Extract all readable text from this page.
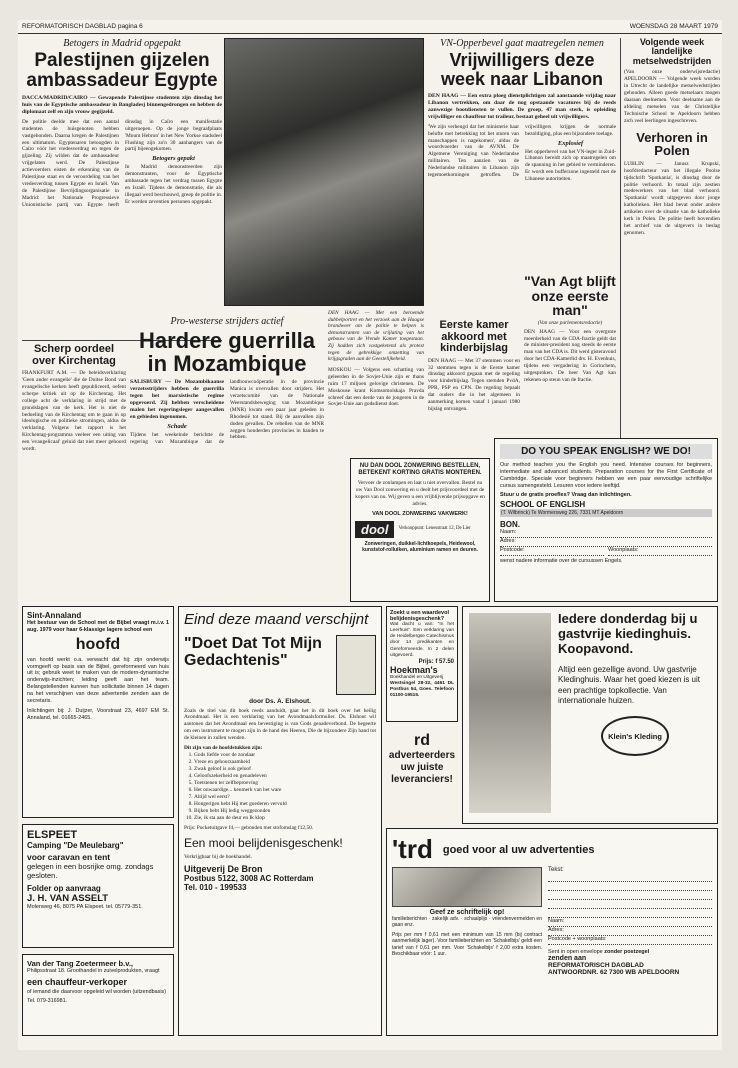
REFORMATORISCH DAGBLAD pagina 6	WOENSDAG 28 MAART 1979
Betogers in Madrid opgepakt
Palestijnen gijzelen ambassadeur Egypte
DACCA/MADRID/CAIRO — Gewapende Palestijnse studenten zijn dinsdag het huis van de Egyptische ambassadeur in Bangladesj binnengedrongen en hebben de diplomaat zelf en zijn vrouw gegijzeld.
De politie deelde mee dat een aantal studenten de huisgenoten hebben vastgebonden. Daarna kregen de Palestijnen een ultimatum. Egyptenaren betoogden in Caïro vóór het vredesverdrag en tegen de gijzeling. Zij wilden dat de ambassadeur vrijgelaten werd. De Palestijnse actievoerders eisten de erkenning van de Palestijnse staat en de veroordeling van het vredesverdrag tussen Egypte en Israël. Van de Palestijnse Bevrijdingsorganisatie in Madrid: het Nationale Progressieve Unionistische partij van Egypte heeft dinsdag in Caïro een manifestatie uitgeroepen. Op de jonge begraafplaats 'Mount Hebron' in het New Yorkse stadsdeel Flushing zijn zo'n 30 aanhangers van de partij bijeengekomen.
Betogers gepakt
In Madrid demonstreerden zijn demonstranten, voor de Egyptische ambassade tegen het verdrag tussen Egypte en Israël. Tijdens de demonstratie, die als illegaal werd beschouwd, greep de politie in. Er werden zeventien personen opgepakt.
Scherp oordeel over Kirchentag
FRANKFURT A.M. — De beleidsverklaring 'Geen ander evangelie' die de Duitse Bond van evangelische kerken heeft gepubliceerd, oefent scherpe kritiek uit op de Kirchentag. Het college acht de verklaring in strijd met de grondslagen van de kerk. Het is niet de bedoeling van de Kirchentag om te gaan in op ideologische en politieke stromingen, aldus de verklaring. Volgens het rapport is het Kirchentag-programma veeleer een uiting van een 'evangelicaal' geluid dat niet meer gehoord wordt.
DEN HAAG — Met een beroemde dubbelportret en het verzoek aan de Haagse brandweer om de politie te helpen is demonstranten van de vrijlating van het gebouw van de Vrende Kamer toegestaan. Zij hadden zich vastgeketend als protest tegen de gebrekkige omzetting van krijgsgraden aan de Geestelijkeheid.
MOSKOU — Volgens een schatting van geleerden in de Sovjet-Unie zijn er thans ruim 17 miljoen gelovige christenen. De Moskouse krant Komsomolskaja Pravda schreef dat een derde van de jongeren in de Sovjet-Unie aan godsdienst doet.
Pro-westerse strijders actief
Hardere guerrilla in Mozambique
SALISBURY — De Mozambikaanse verzetsstrijders hebben de guerrilla tegen het marxistische regime opgevoerd. Zij hebben verscheidene malen het regeringsleger aangevallen en gebieden ingenomen.
Schade
Tijdens het weekeinde berichtte de regering van Mozambique dat de landbouwcoöperatie in de provincie Manica is overvallen door strijders. Het verzetscomité van de Nationale Weerstandsbeweging van Mozambique (MNR) kwam een paar jaar geleden in Rhodesië tot stand. Bij de aanvallen zijn doden gevallen. De rebellen van de MNR zeggen honderden provincies in handen te hebben.
VN-Opperbevel gaat maatregelen nemen
Vrijwilligers deze week naar Libanon
DEN HAAG — Een extra ploeg dienstplichtigen zal aanstaande vrijdag naar Libanon vertrekken, om daar de nog opstaande vacatures bij de reeds aanwezige bootdiensten te vullen. De groep, 47 man sterk, is opleiding vrijwilliger en chauffeur tot traileur, bestaat geheel uit vrijwilligers.
'We zijn verheugd dat het ministerie haar belofte met betrekking tot het sturen van manschappen is nagekomen', aldus de woordvoerder van de AVNM. De Algemene Vereniging van Nederlandse militairen. Ten aanzien van de Nederlandse militairen in Libanon zijn tegemoetkomingen getroffen. De vrijwilligers krijgen de normale bezoldiging, plus een bijzondere toelage.
Explosief
Het opperbevel van het VN-leger in Zuid-Libanon bereidt zich op maatregelen om de spanning in het gebied te verminderen. Er wordt een bufferzone ingesteld met de Libanese autoriteiten.
Eerste kamer akkoord met kinderbijslag
DEN HAAG — Met 37 stemmen voor en 32 stemmen tegen is de Eerste kamer dinsdag akkoord gegaan met de regeling voor kinderbijslag. Tegen stemden PvdA, PPR, PSP en CPN. De regeling bepaalt dat ouders die in het algemeen in aanmerking komen vanaf 1 januari 1980 bijslag ontvangen.
"Van Agt blijft onze eerste man"
(Van onze parlementsredactie)
DEN HAAG — Voor een overgrote meerderheid van de CDA-fractie geldt dat de minister-president nog steeds de eerste man van het CDA is. Dit werd gisteravond door het CDA-Kamerlid drs. H. Evenhuis, tijdens een vergadering in Gorinchem, uitgesproken. De heer Van Agt kan rekenen op steun van de fractie.
Volgende week landelijke metselwedstrijden
(Van onze onderwijsredactie) APELDOORN — Volgende week worden in Utrecht de landelijke metselwedstrijden gehouden. Alleen goede metselaars mogen daaraan deelnemen. Voor deelname aan de afdeling metselen van de Christelijke Technische School te Apeldoorn hebben zich veel leerlingen ingeschreven.
Verhoren in Polen
LUBLIN — Janusz Krupski, hoofdredacteur van het illegale Poolse tijdschrift 'Spotkania', is dinsdag door de politie verhoord. In totaal zijn zestien medewerkers van het blad verhoord. 'Spotkania' wordt uitgegeven door jonge katholieken. Het blad bevat onder andere artikelen over de situatie van de katholieke kerk in Polen. De politie heeft bovendien het archief van de uitgevers in beslag genomen.
NU DAN DOOL ZONWERING BESTELLEN, BETEKENT KORTING GRATIS MONTEREN.
Vervoer de zonlampen en laat u niet overvallen. Bestel nu uw Van Dool zonwering en u deelt het prijsvoordeel met de kopers van nu. Wij geven u een vrijblijvende prijsopgave en advies.
VAN DOOL ZONWERING VAKWERK!
dool	Verkooppunt: Lenesstraat 12, De Lier
Zonweringen, duikkel-lichtkoepels, Heidewool, kunststof-rolluiken, aluminium ramen en deuren.
DO YOU SPEAK ENGLISH? WE DO!
Our method teaches you the English you need. Intensive courses for beginners, intermediate and advanced students. Preparation courses for the First Certificate of Cambridge. Speciale voor beginners hebben we een paar eenvoudige schriftelijke cursus samengesteld. Lesuren voor iedere leeftijd.
Stuur u de gratis proefles? Vraag dan inlichtingen.
SCHOOL OF ENGLISH
(T. Wilbrinck) Te Wormersweg 226, 7331 MT Apeldoorn
BON.
Naam:
Adres:
Postcode:	Woonplaats:
wenst nadere informatie over de cursussen Engels.
Sint-Annaland
Het bestuur van de School met de Bijbel vraagt m.i.v. 1 aug. 1979 voor haar 6-klassige lagere school een
hoofd
van hoofd werkt o.a. verwacht dat hij: zijn onderwijs vormgeeft op basis van de Bijbel, gereformeerd van huis uit is; gebruik weet te maken van de modern-dynamische onderwijs-inzichten; leiding geeft aan het team. Belangstellenden kunnen hun sollicitatie binnen 14 dagen na het verschijnen van deze advertentie zenden aan de secretaris.
Inlichtingen bij: J. Duijzer, Voorstraat 23, 4697 EM St. Annaland, tel. 01665-2465.
ELSPEET
Camping "De Meulebarg"
voor caravan en tent
gelegen in een bosrijke omg. zondags gesloten.
Folder op aanvraag
J. H. VAN ASSELT
Molenweg 46, 8075 PA Elspeet. tel. 05779-351.
Van der Tang Zoetermeer b.v.,
Philipsstraat 18. Groothandel in zuivelprodukten, vraagt
een chauffeur-verkoper
of iemand die daarvoor opgeleid wil worden (uitzendbasis)
Tel. 079-316981.
Eind deze maand verschijnt
"Doet Dat Tot Mijn Gedachtenis"
door Ds. A. Elshout.
Zoals de titel van dit boek reeds aanduidt, gaat het in dit boek over het heilig Avondmaal. Het is een verklaring van het Avondmaalsformulier. Ds. Elshout wil aantonen dat het Avondmaal een bevestiging is van Gods genadeverbond. De begeerte om een instrument te mogen zijn in de hand des Heeren, Die de bijzondere Zijn hand tot de kleinen in zullen wenden.
Dit zijn van de hoofdstukken zijn:
1. Gods liefde voor de zondaar
2. Vreze en gehoorzaamheid
3. Zwak geloof is ook geloof
4. Geloofszekerheid en genadeleven
5. Toetstenen ter zelfbeproeving
6. Het onwaardige... kenmerk van het ware
7. Altijd wel eerst?
8. Hongerigen hebt Hij met goederen vervuld
9. Bijken hebt Hij ledig weggezonden
10. Zie, ik sta aan de deur en Ik klop
Prijs: Pocketuitgave f4,— gebonden met stofomslag f12,50.
Een mooi belijdenisgeschenk!
Verkrijgbaar bij de boekhandel.
Uitgeverij De Bron
Postbus 5122, 3008 AC Rotterdam
Tel. 010 - 199533
Zoekt u een waardevol belijdenisgeschenk?
Wat dacht u van: "In het Leerhuis". Een verklaring van de Heidelbergse Catechismus door 14 predikanten en Gereformeerde. In 2 delen uitgevoerd.
Prijs: f 57.50
Hoekman's
Boekhandel en Uitgeverij
Westsingel 28-32, 4461 DL Postbus 54, Goes. Telefoon 01100-19515.
rd
adverteerders uw juiste leveranciers!
Iedere donderdag bij u gastvrije kiedinghuis. Koopavond.
Altijd een gezellige avond. Uw gastvrije Kledinghuis. Waar het goed kiezen is uit een prachtige topkollectie. Van internationale huizen.
Klein's Kleding
'trd goed voor al uw advertenties
Geef ze schriftelijk op!
familieberichten · zakelijk adv. · schaalplijs · vriendenvermelden en gaan enz.
Prijs per mm f 0,61 met een minimum van 15 mm (bij contract aanmerkelijk lager). Voor familieberichten en 'Schakelbijs' geldt een tarief van f 0,61 per mm. Voor 'Schakelbijs' f 2,00 extra kosten. Beschikbaar vóór: 1 uur.
Tekst:
Naam:
Adres:
Postcode + woonplaats:
Sent in open envelope zonder postzegel
zenden aan
REFORMATORISCH DAGBLAD
ANTWOORDNR. 62 7300 WB APELDOORN
